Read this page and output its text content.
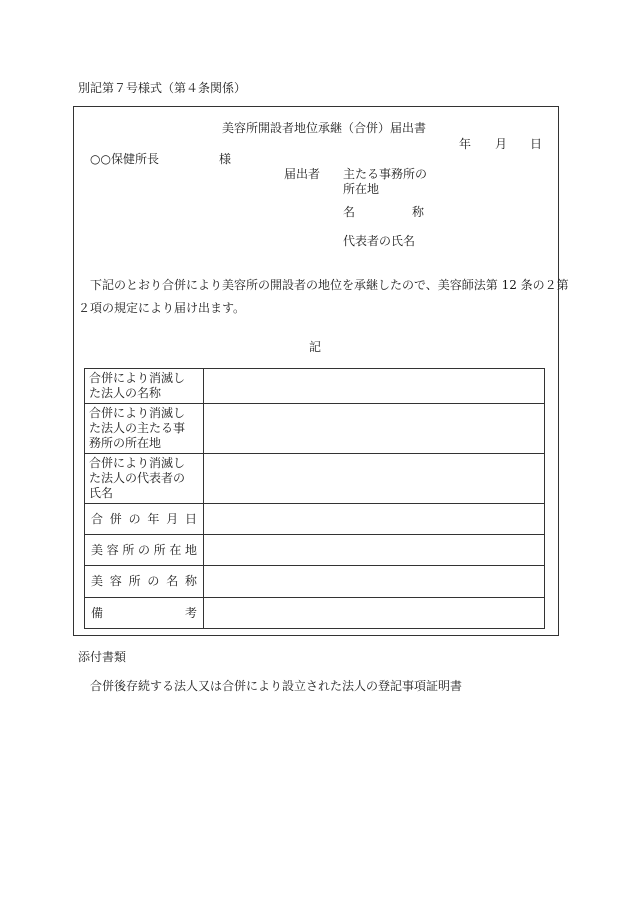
別記第７号様式（第４条関係）
美容所開設者地位承継（合併）届出書
年 月 日
○○保健所長	様
届出者 主たる事務所の
所在地
名	称
代表者の氏名
下記のとおり合併により美容所の開設者の地位を承継したので、美容師法第 12 条の２第
２項の規定により届け出ます。
記
合併により消滅し
た法人の名称	

合併により消滅し
た法人の主たる事
務所の所在地	

合併により消滅し
た法人の代表者の
氏名	

合併の年月日	

美容所の所在地	

美容所の名称	

備考	

添付書類
合併後存続する法人又は合併により設立された法人の登記事項証明書
